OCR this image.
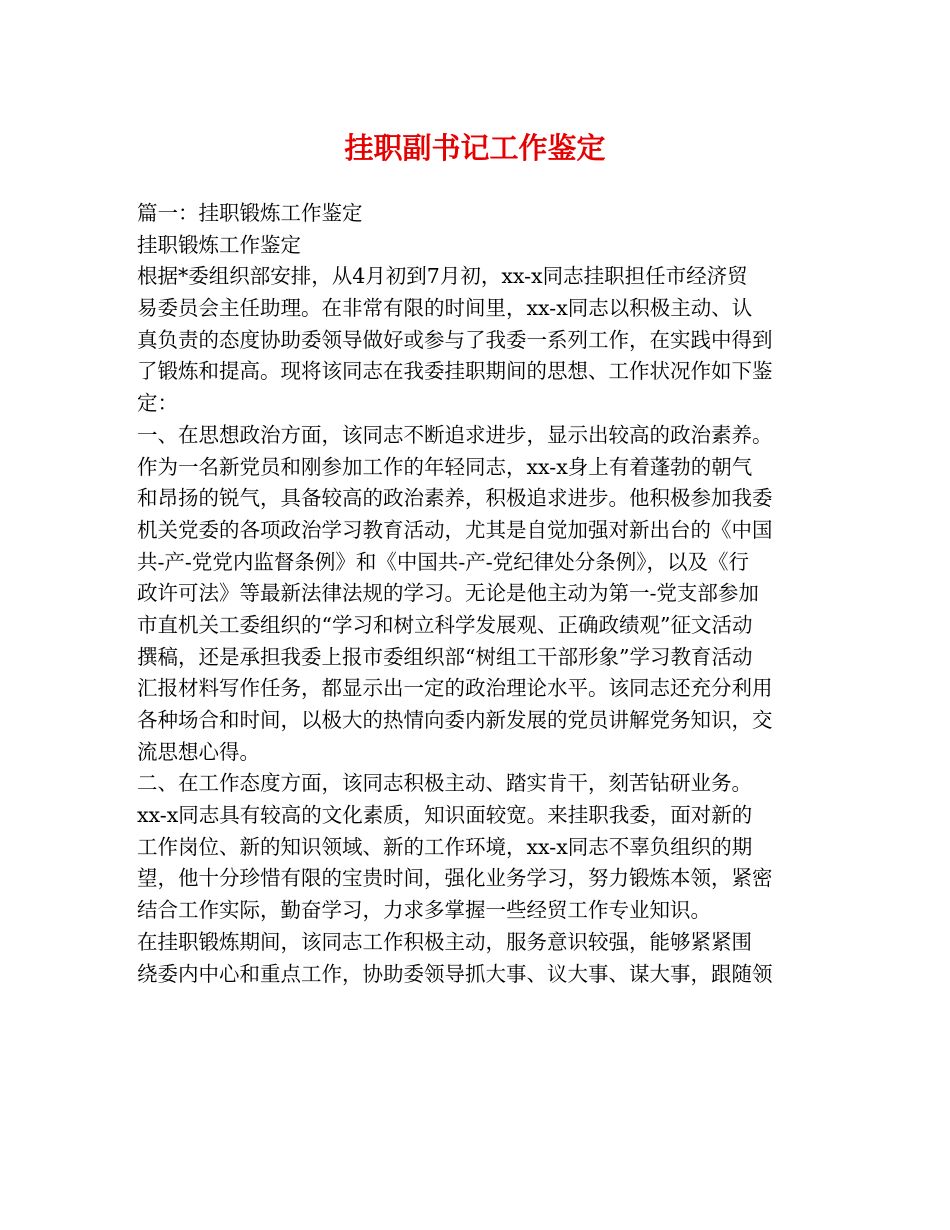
挂职副书记工作鉴定
篇一：挂职锻炼工作鉴定
挂职锻炼工作鉴定
根据*委组织部安排，从4月初到7月初，xx-x同志挂职担任市经济贸
易委员会主任助理。在非常有限的时间里，xx-x同志以积极主动、认
真负责的态度协助委领导做好或参与了我委一系列工作，在实践中得到
了锻炼和提高。现将该同志在我委挂职期间的思想、工作状况作如下鉴
定：
一、在思想政治方面，该同志不断追求进步，显示出较高的政治素养。
作为一名新党员和刚参加工作的年轻同志，xx-x身上有着蓬勃的朝气
和昂扬的锐气，具备较高的政治素养，积极追求进步。他积极参加我委
机关党委的各项政治学习教育活动，尤其是自觉加强对新出台的《中国
共-产-党党内监督条例》和《中国共-产-党纪律处分条例》，以及《行
政许可法》等最新法律法规的学习。无论是他主动为第一-党支部参加
市直机关工委组织的“学习和树立科学发展观、正确政绩观”征文活动
撰稿，还是承担我委上报市委组织部“树组工干部形象”学习教育活动
汇报材料写作任务，都显示出一定的政治理论水平。该同志还充分利用
各种场合和时间，以极大的热情向委内新发展的党员讲解党务知识，交
流思想心得。
二、在工作态度方面，该同志积极主动、踏实肯干，刻苦钻研业务。
xx-x同志具有较高的文化素质，知识面较宽。来挂职我委，面对新的
工作岗位、新的知识领域、新的工作环境，xx-x同志不辜负组织的期
望，他十分珍惜有限的宝贵时间，强化业务学习，努力锻炼本领，紧密
结合工作实际，勤奋学习，力求多掌握一些经贸工作专业知识。
在挂职锻炼期间，该同志工作积极主动，服务意识较强，能够紧紧围
绕委内中心和重点工作，协助委领导抓大事、议大事、谋大事，跟随领
